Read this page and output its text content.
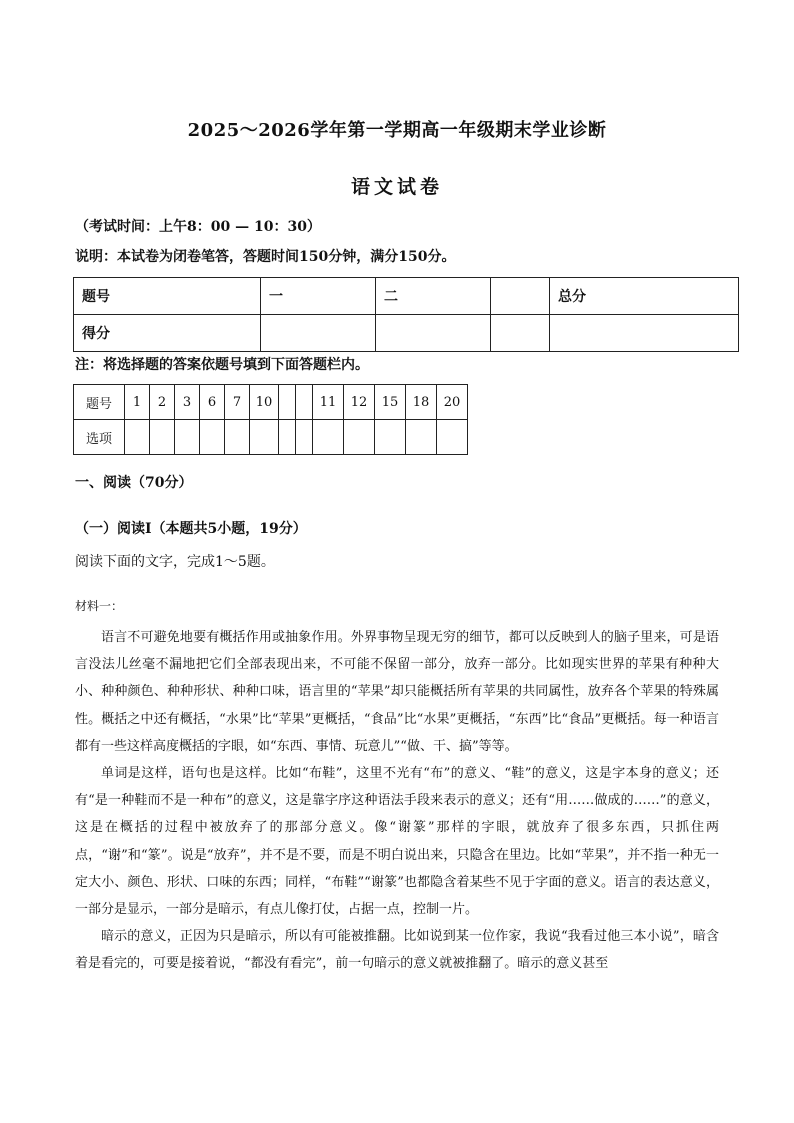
2025～2026学年第一学期高一年级期末学业诊断
语文试卷
（考试时间：上午8：00 — 10：30）
说明：本试卷为闭卷笔答，答题时间150分钟，满分150分。
题号	一	二		总分
得分				
注：将选择题的答案依题号填到下面答题栏内。
题号	1	2	3	6	7	10			11	12	15	18	20
选项													
一、阅读（70分）
（一）阅读Ⅰ（本题共5小题，19分）
阅读下面的文字，完成1～5题。
材料一：

语言不可避免地要有概括作用或抽象作用。外界事物呈现无穷的细节，都可以反映到人的脑子里来，可是语言没法儿丝毫不漏地把它们全部表现出来，不可能不保留一部分，放弃一部分。比如现实世界的苹果有种种大小、种种颜色、种种形状、种种口味，语言里的“苹果”却只能概括所有苹果的共同属性，放弃各个苹果的特殊属性。概括之中还有概括，“水果”比“苹果”更概括，“食品”比“水果”更概括，“东西”比“食品”更概括。每一种语言都有一些这样高度概括的字眼，如“东西、事情、玩意儿”“做、干、搞”等等。

单词是这样，语句也是这样。比如“布鞋”，这里不光有“布”的意义、“鞋”的意义，这是字本身的意义；还有“是一种鞋而不是一种布”的意义，这是靠字序这种语法手段来表示的意义；还有“用……做成的……”的意义，这是在概括的过程中被放弃了的那部分意义。像“谢篆”那样的字眼，就放弃了很多东西，只抓住两点，“谢”和“篆”。说是“放弃”，并不是不要，而是不明白说出来，只隐含在里边。比如“苹果”，并不指一种无一定大小、颜色、形状、口味的东西；同样，“布鞋”“谢篆”也都隐含着某些不见于字面的意义。语言的表达意义，一部分是显示，一部分是暗示，有点儿像打仗，占据一点，控制一片。

暗示的意义，正因为只是暗示，所以有可能被推翻。比如说到某一位作家，我说“我看过他三本小说”，暗含着是看完的，可要是接着说，“都没有看完”，前一句暗示的意义就被推翻了。暗示的意义甚至
